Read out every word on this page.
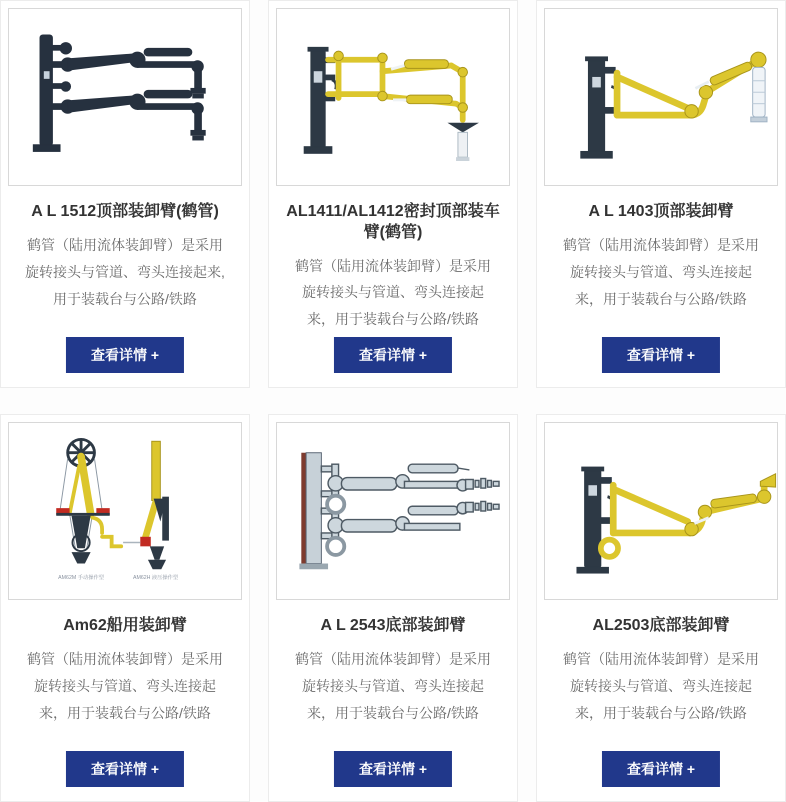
A L 1512顶部装卸臂(鹤管)

鹤管（陆用流体装卸臂）是采用旋转接头与管道、弯头连接起来,用于装载台与公路/铁路

查看详情 +
AL1411/AL1412密封顶部装车臂(鹤管)

鹤管（陆用流体装卸臂）是采用旋转接头与管道、弯头连接起来，用于装载台与公路/铁路

查看详情 +
A L 1403顶部装卸臂

鹤管（陆用流体装卸臂）是采用旋转接头与管道、弯头连接起来，用于装载台与公路/铁路

查看详情 +
AM62M 手动操作型	AM62H 液压操作型
Am62船用装卸臂

鹤管（陆用流体装卸臂）是采用旋转接头与管道、弯头连接起来，用于装载台与公路/铁路

查看详情 +
A L 2543底部装卸臂

鹤管（陆用流体装卸臂）是采用旋转接头与管道、弯头连接起来，用于装载台与公路/铁路

查看详情 +
AL2503底部装卸臂

鹤管（陆用流体装卸臂）是采用旋转接头与管道、弯头连接起来，用于装载台与公路/铁路

查看详情 +
